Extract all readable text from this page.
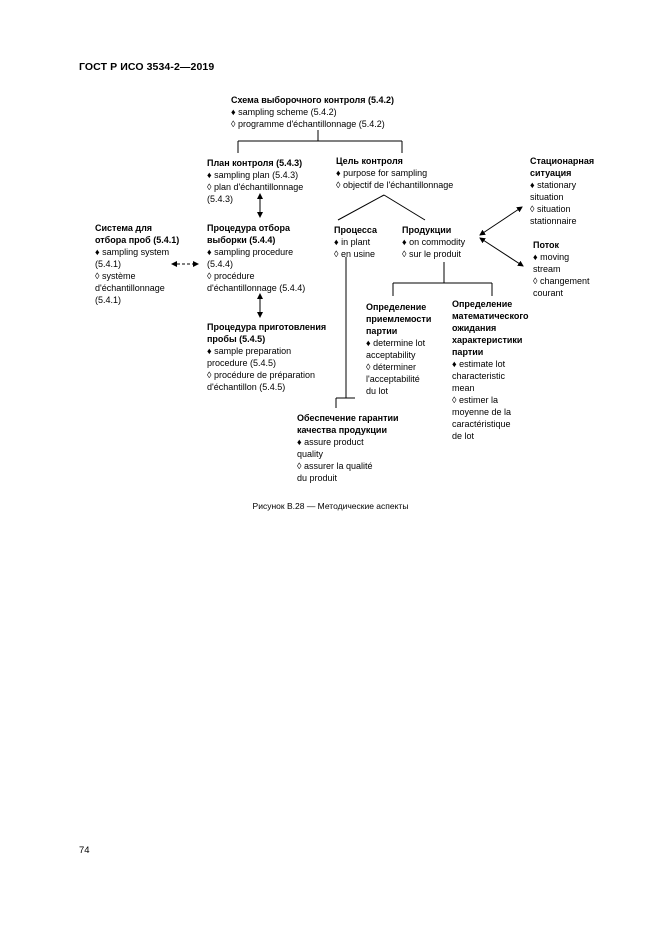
ГОСТ Р ИСО 3534-2—2019
Схема выборочного контроля (5.4.2)
♦ sampling scheme (5.4.2)
◊ programme d'échantillonnage (5.4.2)
План контроля (5.4.3)
♦ sampling plan (5.4.3)
◊ plan d'échantillonnage
(5.4.3)
Цель контроля
♦ purpose for sampling
◊ objectif de l'échantillonnage
Система для
отбора проб (5.4.1)
♦ sampling system
(5.4.1)
◊ système
d'échantillonnage
(5.4.1)
Процедура отбора
выборки (5.4.4)
♦ sampling procedure
(5.4.4)
◊ procédure
d'échantillonnage (5.4.4)
Процедура приготовления
пробы (5.4.5)
♦ sample preparation
procedure (5.4.5)
◊ procédure de préparation
d'échantillon (5.4.5)
Процесса
♦ in plant
◊ en usine
Продукции
♦ on commodity
◊ sur le produit
Стационарная
ситуация
♦ stationary
situation
◊ situation
stationnaire
Поток
♦ moving
stream
◊ changement
courant
Определение
приемлемости
партии
♦ determine lot
acceptability
◊ déterminer
l'acceptabilité
du lot
Определение
математического
ожидания
характеристики
партии
♦ estimate lot
characteristic
mean
◊ estimer la
moyenne de la
caractéristique
de lot
Обеспечение гарантии
качества продукции
♦ assure product
quality
◊ assurer la qualité
du produit
Рисунок В.28 — Методические аспекты
74
